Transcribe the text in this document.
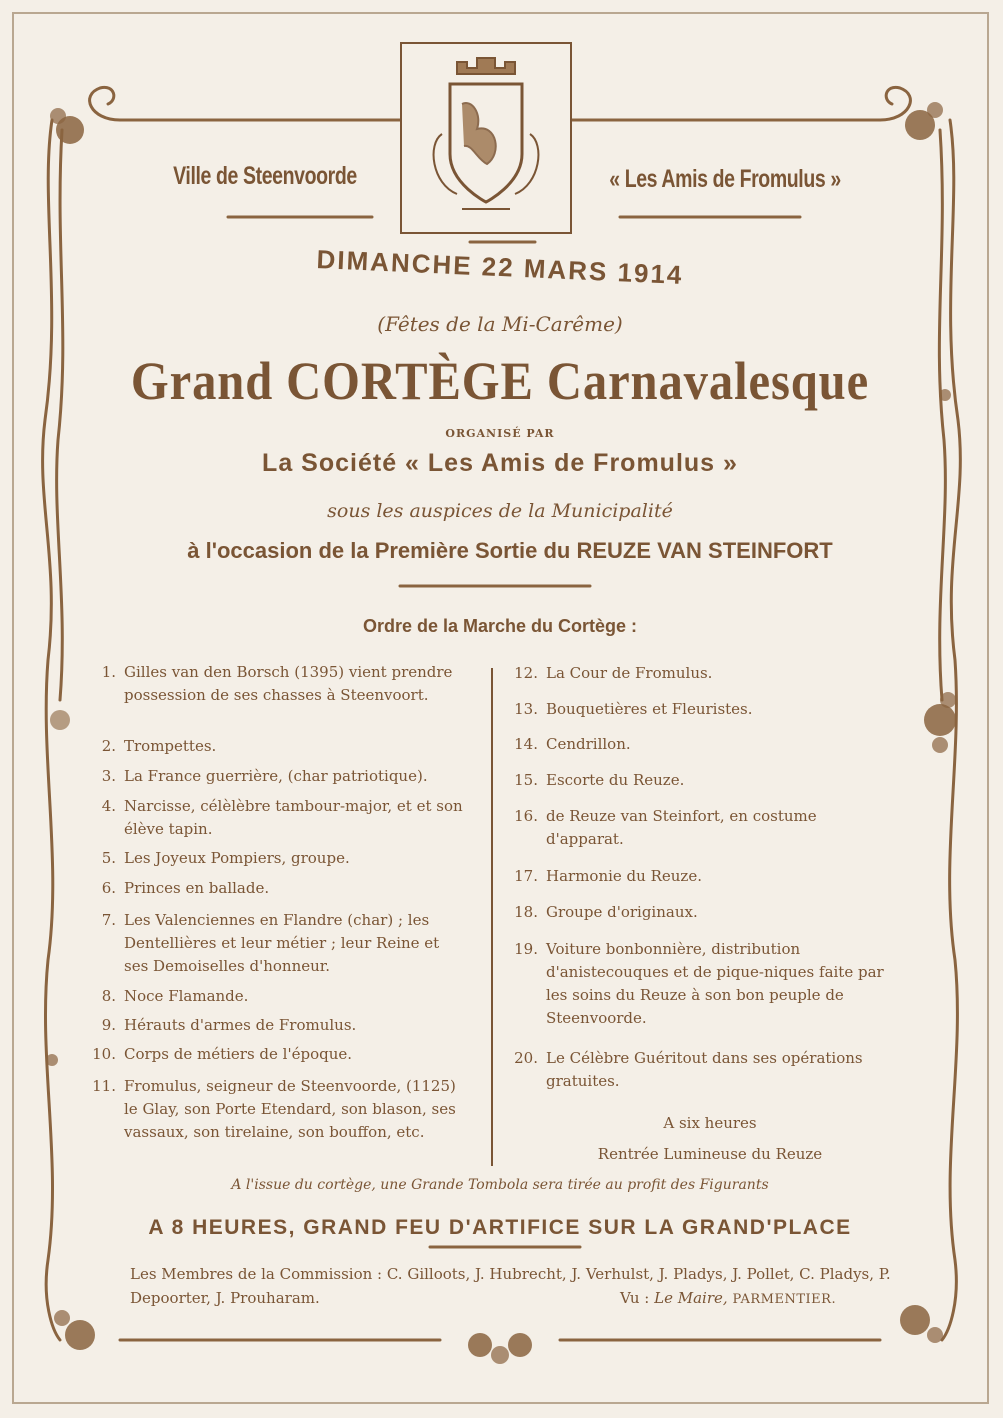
Ville de Steenvoorde	« Les Amis de Fromulus »
DIMANCHE 22 MARS 1914
(Fêtes de la Mi-Carême)
Grand CORTÈGE Carnavalesque
ORGANISÉ PAR
La Société « Les Amis de Fromulus »
sous les auspices de la Municipalité
à l'occasion de la Première Sortie du REUZE VAN STEINFORT
Ordre de la Marche du Cortège :
1. Gilles van den Borsch (1395) vient prendre possession de ses chasses à Steenvoort.
2. Trompettes.
3. La France guerrière, (char patriotique).
4. Narcisse, célèlèbre tambour-major, et et son élève tapin.
5. Les Joyeux Pompiers, groupe.
6. Princes en ballade.
7. Les Valenciennes en Flandre (char) ; les Dentellières et leur métier ; leur Reine et ses Demoiselles d'honneur.
8. Noce Flamande.
9. Hérauts d'armes de Fromulus.
10. Corps de métiers de l'époque.
11. Fromulus, seigneur de Steenvoorde, (1125) le Glay, son Porte Etendard, son blason, ses vassaux, son tirelaine, son bouffon, etc.
12. La Cour de Fromulus.
13. Bouquetières et Fleuristes.
14. Cendrillon.
15. Escorte du Reuze.
16. de Reuze van Steinfort, en costume d'apparat.
17. Harmonie du Reuze.
18. Groupe d'originaux.
19. Voiture bonbonnière, distribution d'anistecouques et de pique-niques faite par les soins du Reuze à son bon peuple de Steenvoorde.
20. Le Célèbre Guéritout dans ses opérations gratuites.
A six heures
Rentrée Lumineuse du Reuze
A l'issue du cortège, une Grande Tombola sera tirée au profit des Figurants
A 8 HEURES, GRAND FEU D'ARTIFICE SUR LA GRAND'PLACE
Les Membres de la Commission : C. Gilloots, J. Hubrecht, J. Verhulst, J. Pladys, J. Pollet, C. Pladys, P. Depoorter, J. Prouharam.	Vu : Le Maire, PARMENTIER.
